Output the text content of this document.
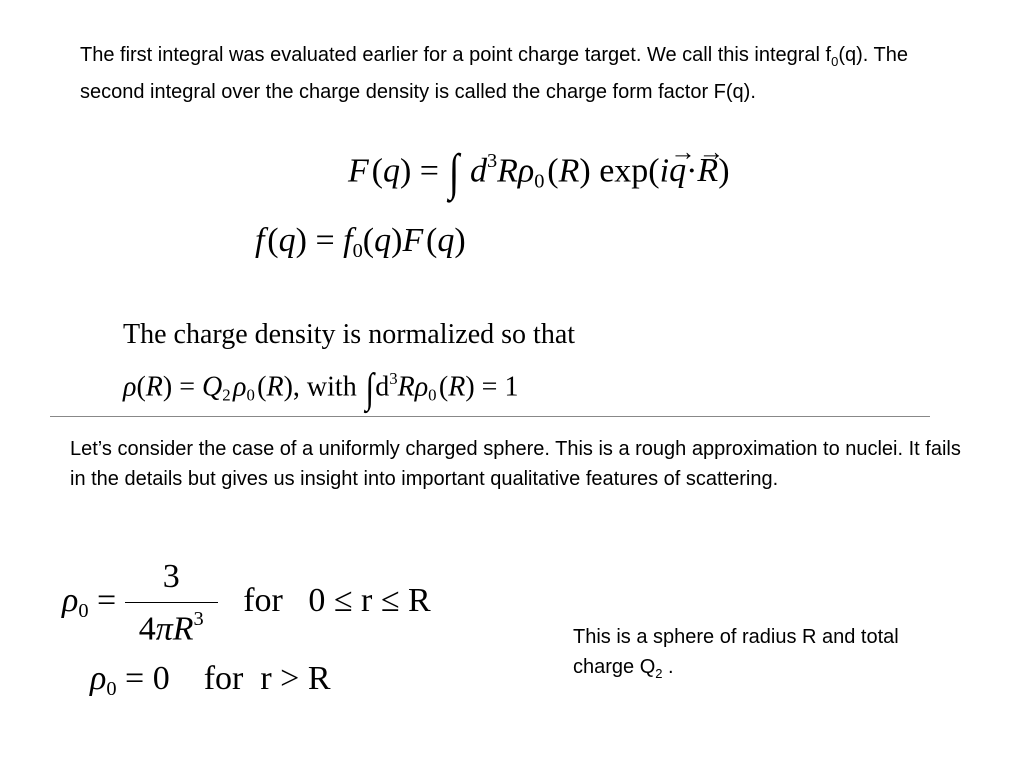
The first integral was evaluated earlier for a point charge target. We call this integral $f_0(q)$. The second integral over the charge density is called the charge form factor F(q).

F (q) = ∫ $d^3R\rho_0$ (R) exp(i→ q·→ R)
f $(q) = f_0(q)F$ (q)
The charge density is normalized so that
$\rho(R) = Q_2$ $\rho_0$ (R), with $\int d^3R\rho_0$ (R) = 1

Let’s consider the case of a uniformly charged sphere. This is a rough approximation to nuclei. It fails in the details but gives us insight into important qualitative features of scattering.

$\rho_0 = \frac{3}{4\pi R^3}$ for   0 ≤ r ≤ R
$\rho_0 = 0$    for  r > R

This is a sphere of radius R and total charge $Q_2$ .
